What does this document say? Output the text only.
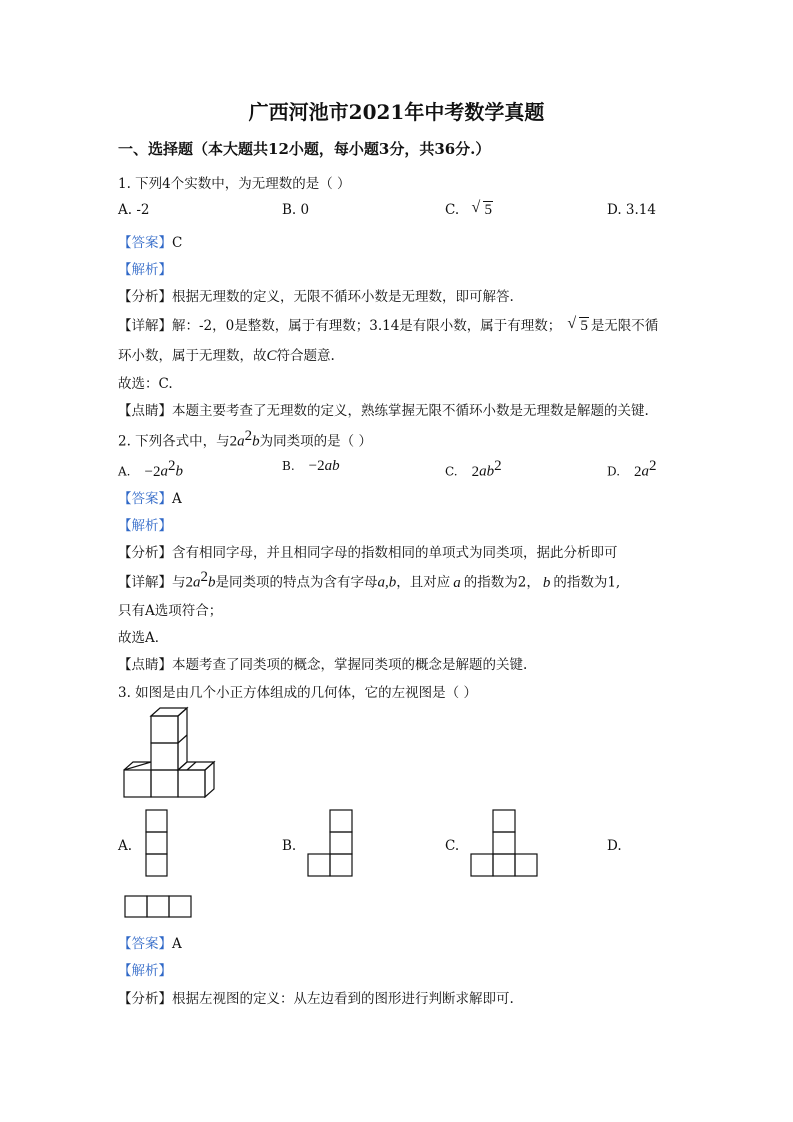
广西河池市2021年中考数学真题
一、选择题（本大题共12小题，每小题3分，共36分.）
1. 下列4个实数中，为无理数的是（ ）
A. -2	B. 0	C. √ 5	D. 3.14
【答案】C
【解析】
【分析】根据无理数的定义，无限不循环小数是无理数，即可解答.
【详解】解：-2，0是整数，属于有理数；3.14是有限小数，属于有理数； √ 5 是无限不循
环小数，属于无理数，故C符合题意.
故选：C.
【点睛】本题主要考查了无理数的定义，熟练掌握无限不循环小数是无理数是解题的关键.
2. 下列各式中，与$2a^2b$为同类项的是（ ）
A. $-2a^2b$	B. −2ab	C. $2ab^2$	D. $2a^2$
【答案】A
【解析】
【分析】含有相同字母，并且相同字母的指数相同的单项式为同类项，据此分析即可
【详解】与$2a^2b$是同类项的特点为含有字母a,b，且对应 a 的指数为2， b 的指数为1,
只有A选项符合；
故选A．
【点睛】本题考查了同类项的概念，掌握同类项的概念是解题的关键.
3. 如图是由几个小正方体组成的几何体，它的左视图是（ ）
A.	B.	C.	D.
【答案】A
【解析】
【分析】根据左视图的定义：从左边看到的图形进行判断求解即可.
